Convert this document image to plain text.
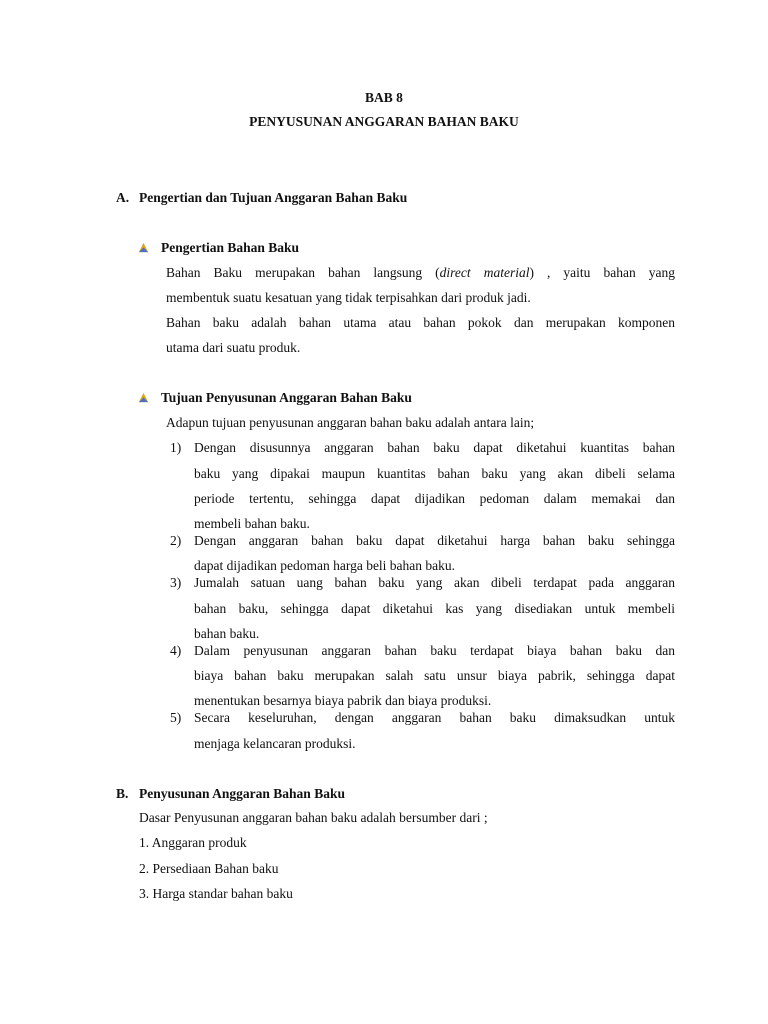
BAB 8
PENYUSUNAN ANGGARAN BAHAN BAKU
A. Pengertian dan Tujuan Anggaran Bahan Baku
Pengertian Bahan Baku
Bahan Baku merupakan bahan langsung (direct material) , yaitu bahan yang
membentuk suatu kesatuan yang tidak terpisahkan dari produk jadi.
Bahan baku adalah bahan utama atau bahan pokok dan merupakan komponen
utama dari suatu produk.
Tujuan Penyusunan Anggaran Bahan Baku
Adapun tujuan penyusunan anggaran bahan baku adalah antara lain;
1) Dengan disusunnya anggaran bahan baku dapat diketahui kuantitas bahan
baku yang dipakai maupun kuantitas bahan baku yang akan dibeli selama
periode tertentu, sehingga dapat dijadikan pedoman dalam memakai dan
membeli bahan baku.
2) Dengan anggaran bahan baku dapat diketahui harga bahan baku sehingga
dapat dijadikan pedoman harga beli bahan baku.
3) Jumalah satuan uang bahan baku yang akan dibeli terdapat pada anggaran
bahan baku, sehingga dapat diketahui kas yang disediakan untuk membeli
bahan baku.
4) Dalam penyusunan anggaran bahan baku terdapat biaya bahan baku dan
biaya bahan baku merupakan salah satu unsur biaya pabrik, sehingga dapat
menentukan besarnya biaya pabrik dan biaya produksi.
5) Secara keseluruhan, dengan anggaran bahan baku dimaksudkan untuk
menjaga kelancaran produksi.
B. Penyusunan Anggaran Bahan Baku
Dasar Penyusunan anggaran bahan baku adalah bersumber dari ;
1. Anggaran produk
2. Persediaan Bahan baku
3. Harga standar bahan baku
